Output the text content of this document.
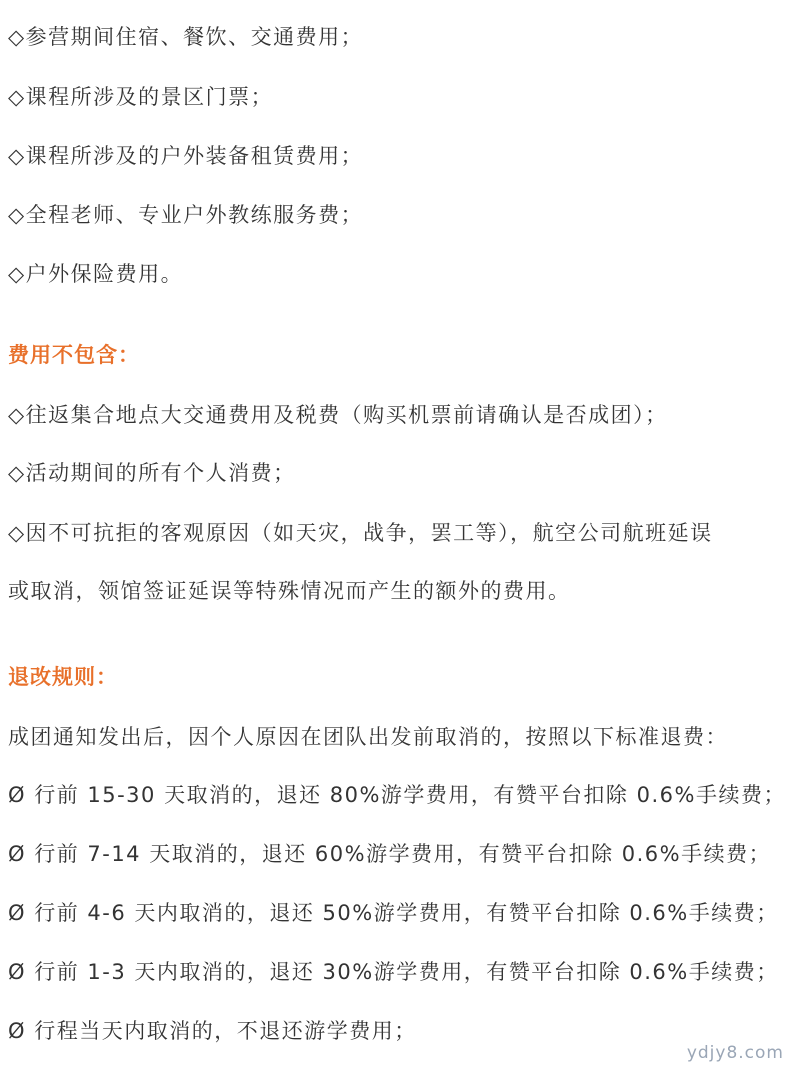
◇参营期间住宿、餐饮、交通费用；
◇课程所涉及的景区门票；
◇课程所涉及的户外装备租赁费用；
◇全程老师、专业户外教练服务费；
◇户外保险费用。
费用不包含：
◇往返集合地点大交通费用及税费（购买机票前请确认是否成团）；
◇活动期间的所有个人消费；
◇因不可抗拒的客观原因（如天灾，战争，罢工等），航空公司航班延误
或取消，领馆签证延误等特殊情况而产生的额外的费用。
退改规则：
成团通知发出后，因个人原因在团队出发前取消的，按照以下标准退费：
Ø 行前 15-30 天取消的，退还 80%游学费用，有赞平台扣除 0.6%手续费；
Ø 行前 7-14 天取消的，退还 60%游学费用，有赞平台扣除 0.6%手续费；
Ø 行前 4-6 天内取消的，退还 50%游学费用，有赞平台扣除 0.6%手续费；
Ø 行前 1-3 天内取消的，退还 30%游学费用，有赞平台扣除 0.6%手续费；
Ø 行程当天内取消的，不退还游学费用；
ydjy8.com
